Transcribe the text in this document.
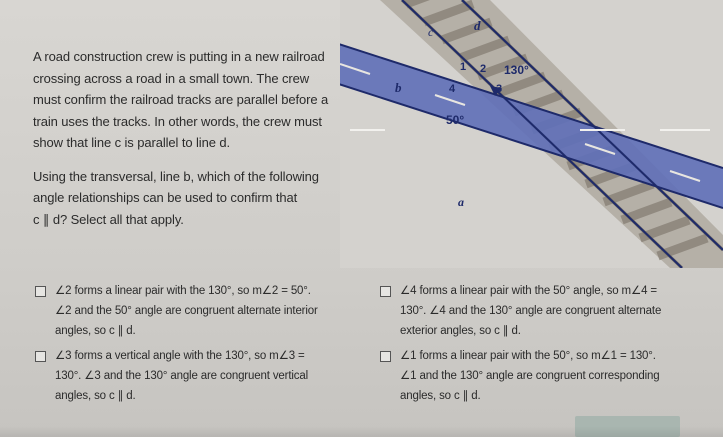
A road construction crew is putting in a new railroad crossing across a road in a small town. The crew must confirm the railroad tracks are parallel before a train uses the tracks. In other words, the crew must show that line c is parallel to line d.

Using the transversal, line b, which of the following angle relationships can be used to confirm that
c ∥ d? Select all that apply.

c	d
b
a
1 2
4	3
130°
50°
∠2 forms a linear pair with the 130°, so m∠2 = 50°.
∠2 and the 50° angle are congruent alternate interior
angles, so c ∥ d.
∠4 forms a linear pair with the 50° angle, so m∠4 =
130°. ∠4 and the 130° angle are congruent alternate
exterior angles, so c ∥ d.
∠3 forms a vertical angle with the 130°, so m∠3 =
130°. ∠3 and the 130° angle are congruent vertical
angles, so c ∥ d.
∠1 forms a linear pair with the 50°, so m∠1 = 130°.
∠1 and the 130° angle are congruent corresponding
angles, so c ∥ d.
